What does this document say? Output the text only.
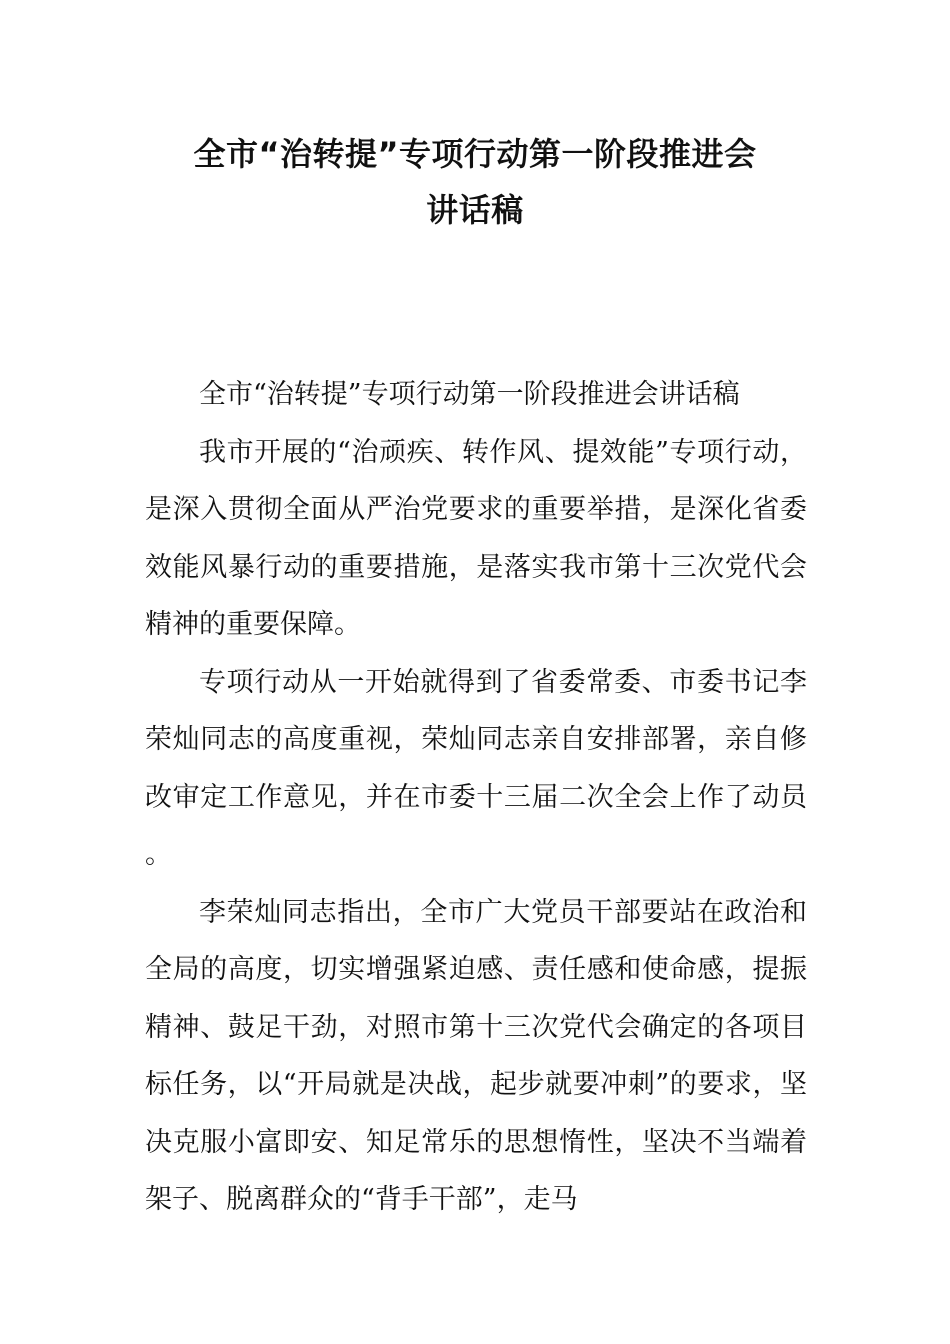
全市“治转提”专项行动第一阶段推进会
讲话稿

全市“治转提”专项行动第一阶段推进会讲话稿

我市开展的“治顽疾、转作风、提效能”专项行动，是深入贯彻全面从严治党要求的重要举措，是深化省委效能风暴行动的重要措施，是落实我市第十三次党代会精神的重要保障。

专项行动从一开始就得到了省委常委、市委书记李荣灿同志的高度重视，荣灿同志亲自安排部署，亲自修改审定工作意见，并在市委十三届二次全会上作了动员。

李荣灿同志指出，全市广大党员干部要站在政治和全局的高度，切实增强紧迫感、责任感和使命感，提振精神、鼓足干劲，对照市第十三次党代会确定的各项目标任务，以“开局就是决战，起步就要冲刺”的要求，坚决克服小富即安、知足常乐的思想惰性，坚决不当端着架子、脱离群众的“背手干部”，走马
